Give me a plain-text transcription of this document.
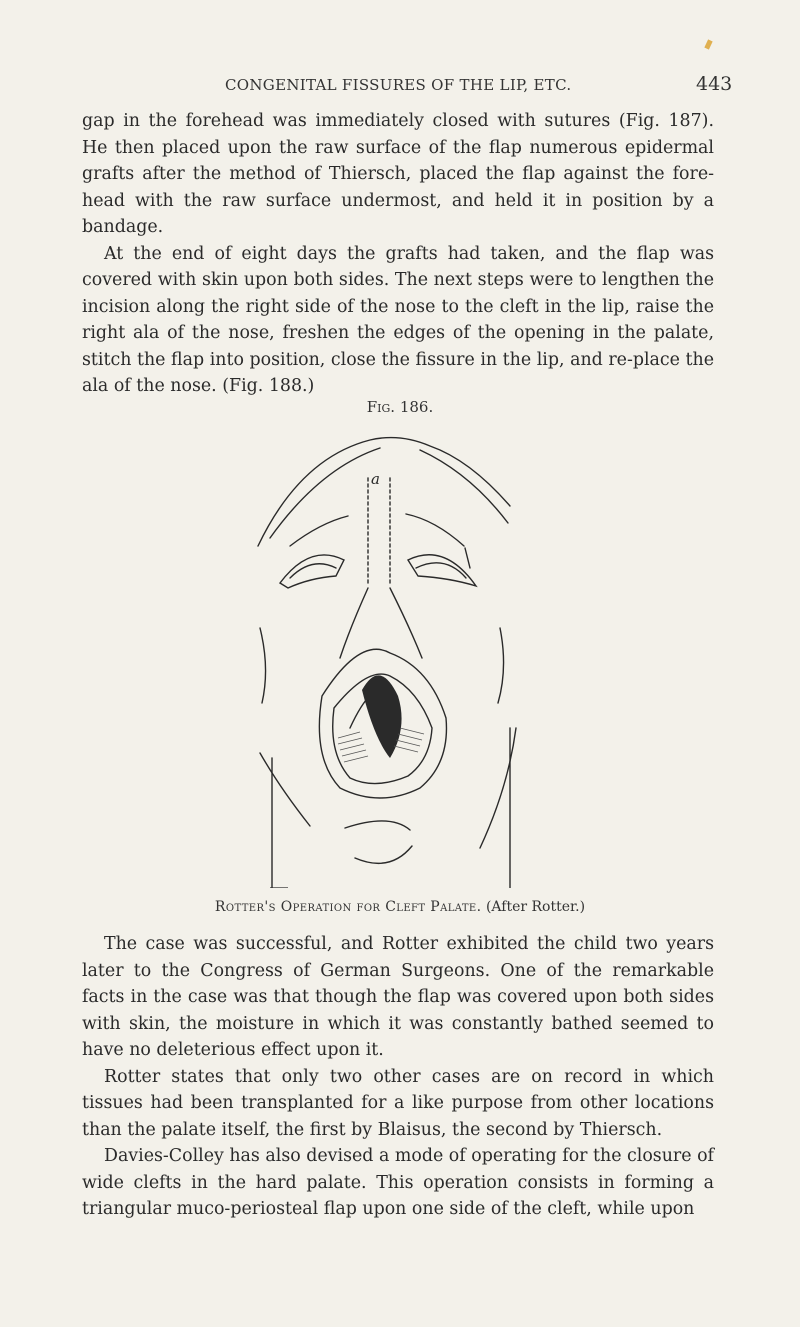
CONGENITAL FISSURES OF THE LIP, ETC.	443

gap in the forehead was immediately closed with sutures (Fig. 187). He then placed upon the raw surface of the flap numerous epidermal grafts after the method of Thiersch, placed the flap against the fore-head with the raw surface undermost, and held it in position by a bandage.

At the end of eight days the grafts had taken, and the flap was covered with skin upon both sides. The next steps were to lengthen the incision along the right side of the nose to the cleft in the lip, raise the right ala of the nose, freshen the edges of the opening in the palate, stitch the flap into position, close the fissure in the lip, and re-place the ala of the nose. (Fig. 188.)

Fig. 186.
a
Rotter's Operation for Cleft Palate. (After Rotter.)

The case was successful, and Rotter exhibited the child two years later to the Congress of German Surgeons. One of the remarkable facts in the case was that though the flap was covered upon both sides with skin, the moisture in which it was constantly bathed seemed to have no deleterious effect upon it.

Rotter states that only two other cases are on record in which tissues had been transplanted for a like purpose from other locations than the palate itself, the first by Blaisus, the second by Thiersch.

Davies-Colley has also devised a mode of operating for the closure of wide clefts in the hard palate. This operation consists in forming a triangular muco-periosteal flap upon one side of the cleft, while upon
